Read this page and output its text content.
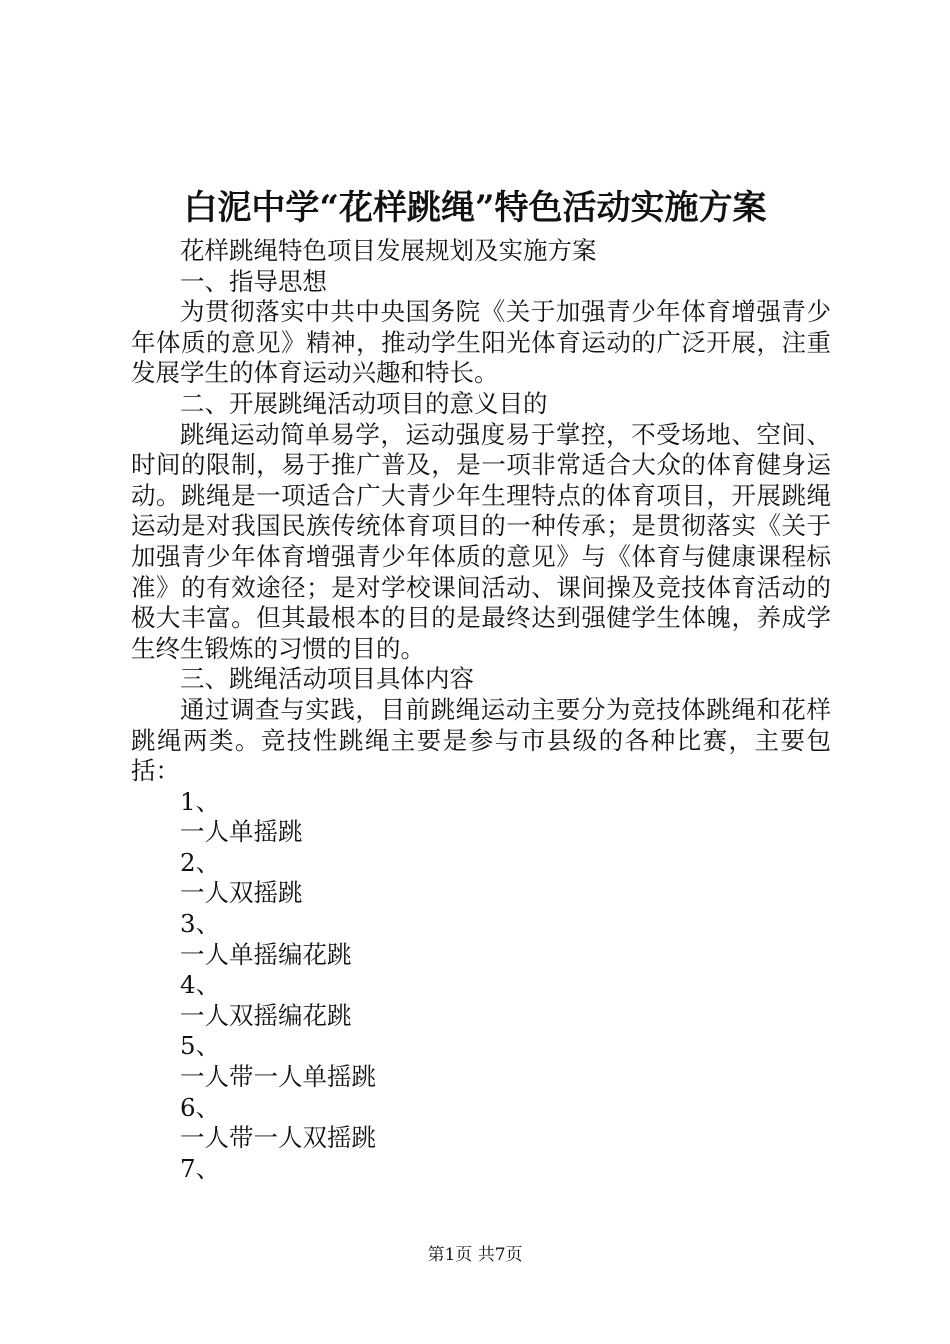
白泥中学“花样跳绳”特色活动实施方案

花样跳绳特色项目发展规划及实施方案

一、指导思想

为贯彻落实中共中央国务院《关于加强青少年体育增强青少年体质的意见》精神，推动学生阳光体育运动的广泛开展，注重发展学生的体育运动兴趣和特长。

二、开展跳绳活动项目的意义目的

跳绳运动简单易学，运动强度易于掌控，不受场地、空间、时间的限制，易于推广普及，是一项非常适合大众的体育健身运动。跳绳是一项适合广大青少年生理特点的体育项目，开展跳绳运动是对我国民族传统体育项目的一种传承；是贯彻落实《关于加强青少年体育增强青少年体质的意见》与《体育与健康课程标准》的有效途径；是对学校课间活动、课间操及竞技体育活动的极大丰富。但其最根本的目的是最终达到强健学生体魄，养成学生终生锻炼的习惯的目的。

三、跳绳活动项目具体内容

通过调查与实践，目前跳绳运动主要分为竞技体跳绳和花样跳绳两类。竞技性跳绳主要是参与市县级的各种比赛，主要包括：

1、

一人单摇跳

2、

一人双摇跳

3、

一人单摇编花跳

4、

一人双摇编花跳

5、

一人带一人单摇跳

6、

一人带一人双摇跳

7、

第1页 共7页
